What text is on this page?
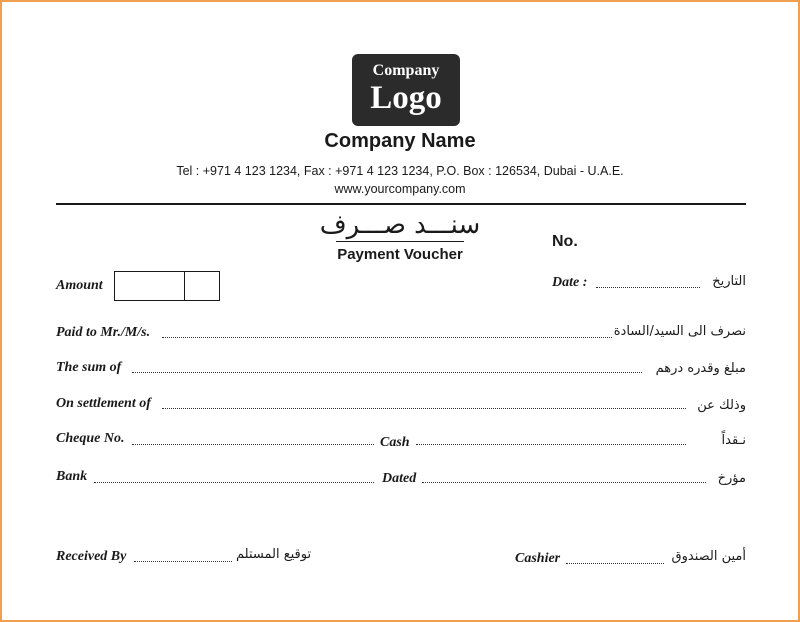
Company
Logo
Company Name
Tel : +971 4 123 1234, Fax : +971 4 123 1234, P.O. Box : 126534, Dubai - U.A.E.
www.yourcompany.com
سنـــد صـــرف
Payment Voucher
No.
Amount	Date :	التاريخ
Paid to Mr./M/s.	نصرف الى السيد/السادة
The sum of	مبلغ وقدره درهم
On settlement of	وذلك عن
Cheque No.	Cash	نـقداً
Bank	Dated	مؤرخ
Received By	توقيع المستلم	Cashier	أمين الصندوق
